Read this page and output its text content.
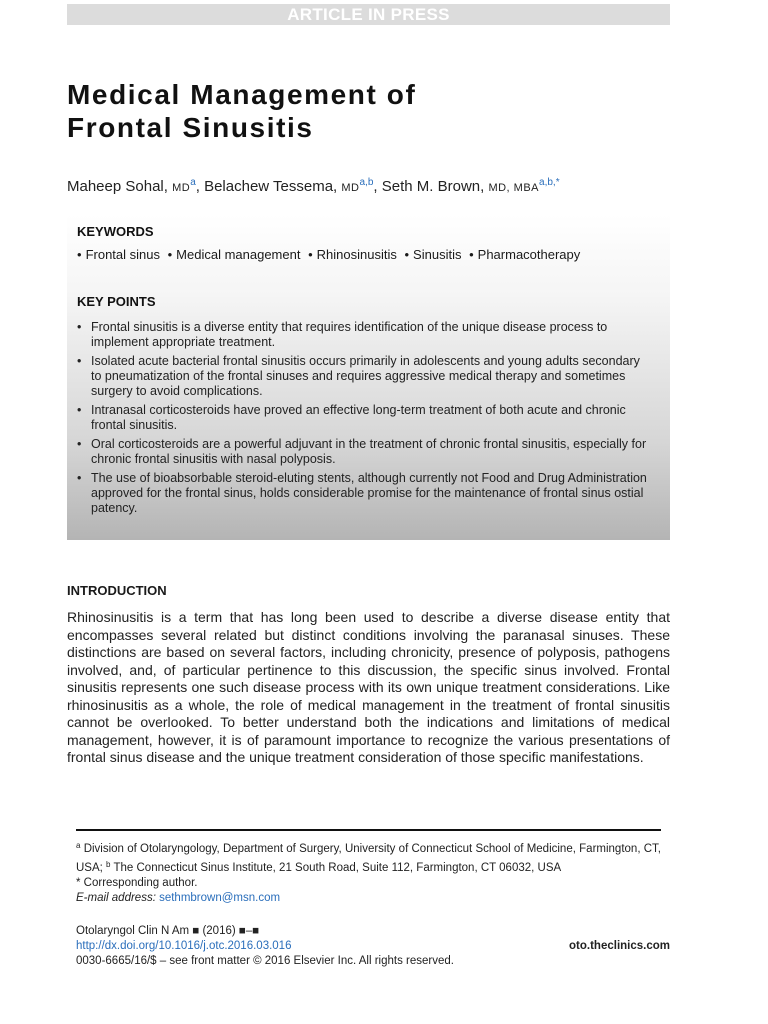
ARTICLE IN PRESS
Medical Management of
Frontal Sinusitis
Maheep Sohal, MD$^a$, Belachew Tessema, MD$^{a,b}$, Seth M. Brown, MD, MBA$^{a,b,*}$
KEYWORDS
• Frontal sinus • Medical management • Rhinosinusitis • Sinusitis • Pharmacotherapy
KEY POINTS
• Frontal sinusitis is a diverse entity that requires identification of the unique disease process to implement appropriate treatment.
• Isolated acute bacterial frontal sinusitis occurs primarily in adolescents and young adults secondary to pneumatization of the frontal sinuses and requires aggressive medical therapy and sometimes surgery to avoid complications.
• Intranasal corticosteroids have proved an effective long-term treatment of both acute and chronic frontal sinusitis.
• Oral corticosteroids are a powerful adjuvant in the treatment of chronic frontal sinusitis, especially for chronic frontal sinusitis with nasal polyposis.
• The use of bioabsorbable steroid-eluting stents, although currently not Food and Drug Administration approved for the frontal sinus, holds considerable promise for the maintenance of frontal sinus ostial patency.
INTRODUCTION

Rhinosinusitis is a term that has long been used to describe a diverse disease entity that encompasses several related but distinct conditions involving the paranasal sinuses. These distinctions are based on several factors, including chronicity, presence of polyposis, pathogens involved, and, of particular pertinence to this discussion, the specific sinus involved. Frontal sinusitis represents one such disease process with its own unique treatment considerations. Like rhinosinusitis as a whole, the role of medical management in the treatment of frontal sinusitis cannot be overlooked. To better understand both the indications and limitations of medical management, however, it is of paramount importance to recognize the various presentations of frontal sinus disease and the unique treatment consideration of those specific manifestations.

$^a$ Division of Otolaryngology, Department of Surgery, University of Connecticut School of Medicine, Farmington, CT, USA; $^b$ The Connecticut Sinus Institute, 21 South Road, Suite 112, Farmington, CT 06032, USA

* Corresponding author.

E-mail address: sethmbrown@msn.com

Otolaryngol Clin N Am ■ (2016) ■–■

http://dx.doi.org/10.1016/j.otc.2016.03.016

0030-6665/16/$ – see front matter © 2016 Elsevier Inc. All rights reserved.

oto.theclinics.com
